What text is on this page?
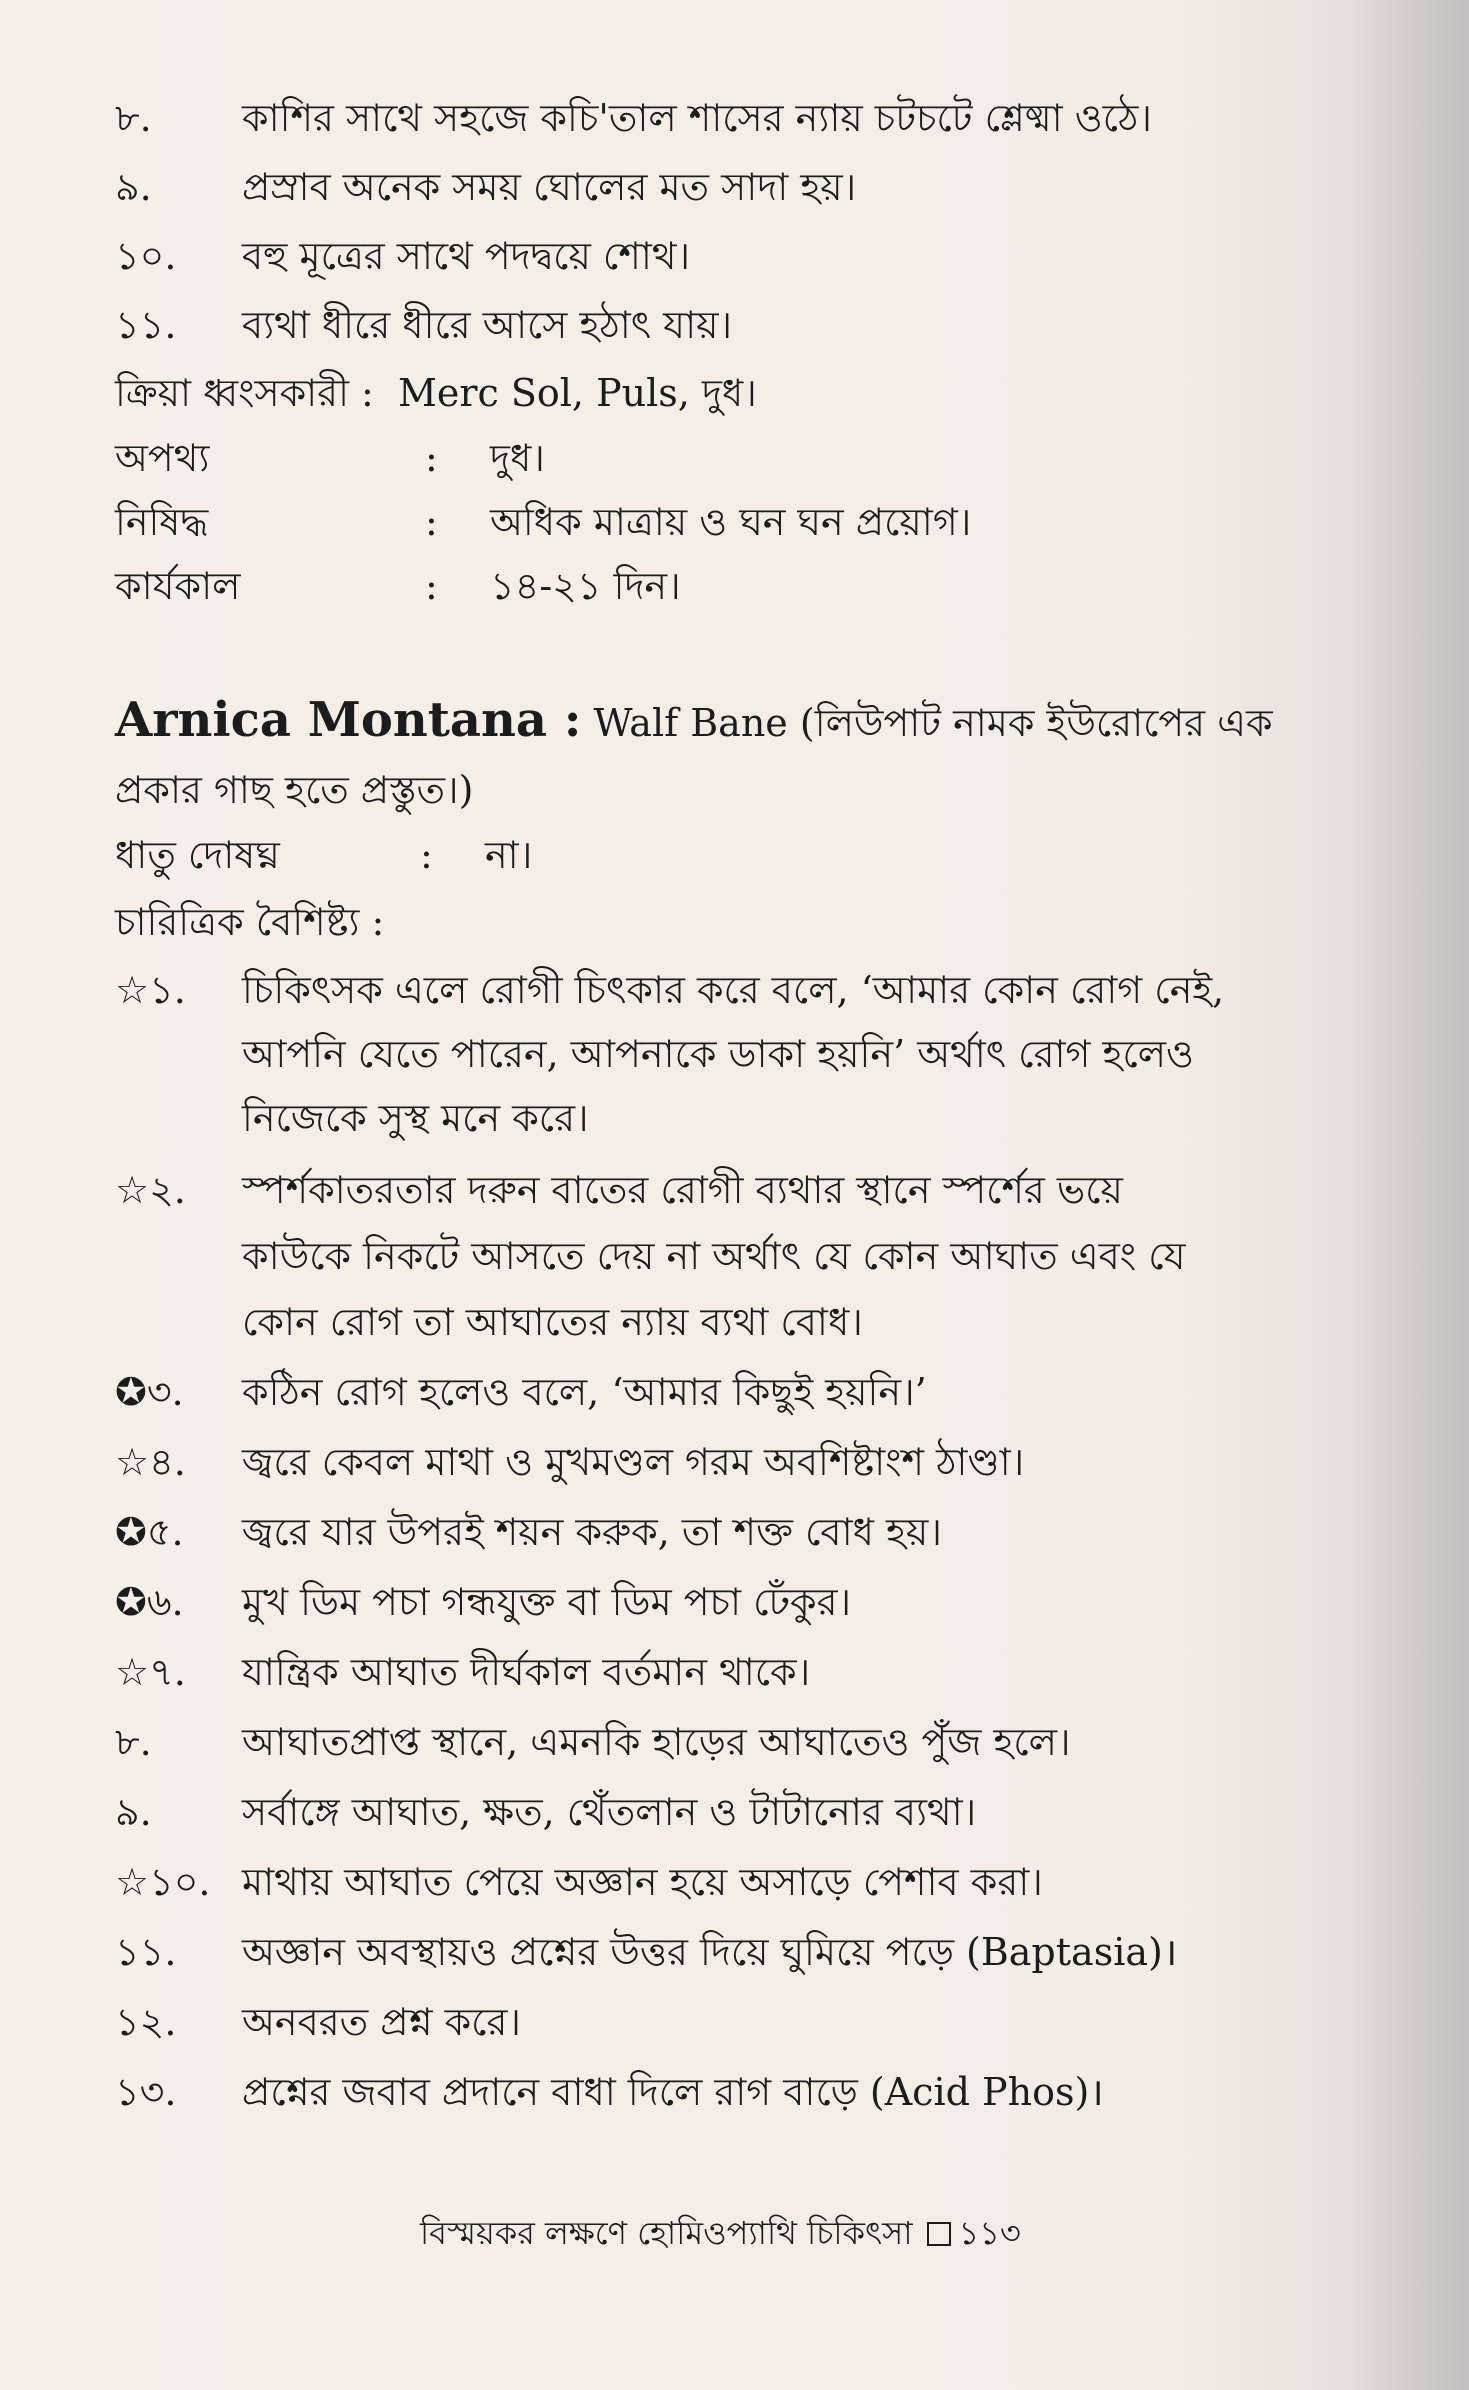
৮.	কাশির সাথে সহজে কচি'তাল শাসের ন্যায় চটচটে শ্লেষ্মা ওঠে।
৯.	প্রস্রাব অনেক সময় ঘোলের মত সাদা হয়।
১০.	বহু মূত্রের সাথে পদদ্বয়ে শোথ।
১১.	ব্যথা ধীরে ধীরে আসে হঠাৎ যায়।
ক্রিয়া ধ্বংসকারী : Merc Sol, Puls, দুধ।
অপথ্য	: দুধ।
নিষিদ্ধ	: অধিক মাত্রায় ও ঘন ঘন প্রয়োগ।
কার্যকাল	: ১৪-২১ দিন।
Arnica Montana : Walf Bane (লিউপাট নামক ইউরোপের এক
প্রকার গাছ হতে প্রস্তুত।)
ধাতু দোষঘ্ন	: না।
চারিত্রিক বৈশিষ্ট্য :
☆১.	চিকিৎসক এলে রোগী চিৎকার করে বলে, ‘আমার কোন রোগ নেই,
আপনি যেতে পারেন, আপনাকে ডাকা হয়নি’ অর্থাৎ রোগ হলেও
নিজেকে সুস্থ মনে করে।
☆২.	স্পর্শকাতরতার দরুন বাতের রোগী ব্যথার স্থানে স্পর্শের ভয়ে
কাউকে নিকটে আসতে দেয় না অর্থাৎ যে কোন আঘাত এবং যে
কোন রোগ তা আঘাতের ন্যায় ব্যথা বোধ।
✪৩.	কঠিন রোগ হলেও বলে, ‘আমার কিছুই হয়নি।’
☆৪.	জ্বরে কেবল মাথা ও মুখমণ্ডল গরম অবশিষ্টাংশ ঠাণ্ডা।
✪৫.	জ্বরে যার উপরই শয়ন করুক, তা শক্ত বোধ হয়।
✪৬.	মুখ ডিম পচা গন্ধযুক্ত বা ডিম পচা ঢেঁকুর।
☆৭.	যান্ত্রিক আঘাত দীর্ঘকাল বর্তমান থাকে।
৮.	আঘাতপ্রাপ্ত স্থানে, এমনকি হাড়ের আঘাতেও পুঁজ হলে।
৯.	সর্বাঙ্গে আঘাত, ক্ষত, থেঁতলান ও টাটানোর ব্যথা।
☆১০. মাথায় আঘাত পেয়ে অজ্ঞান হয়ে অসাড়ে পেশাব করা।
১১.	অজ্ঞান অবস্থায়ও প্রশ্নের উত্তর দিয়ে ঘুমিয়ে পড়ে (Baptasia)।
১২.	অনবরত প্রশ্ন করে।
১৩.	প্রশ্নের জবাব প্রদানে বাধা দিলে রাগ বাড়ে (Acid Phos)।
বিস্ময়কর লক্ষণে হোমিওপ্যাথি চিকিৎসা ১১৩
